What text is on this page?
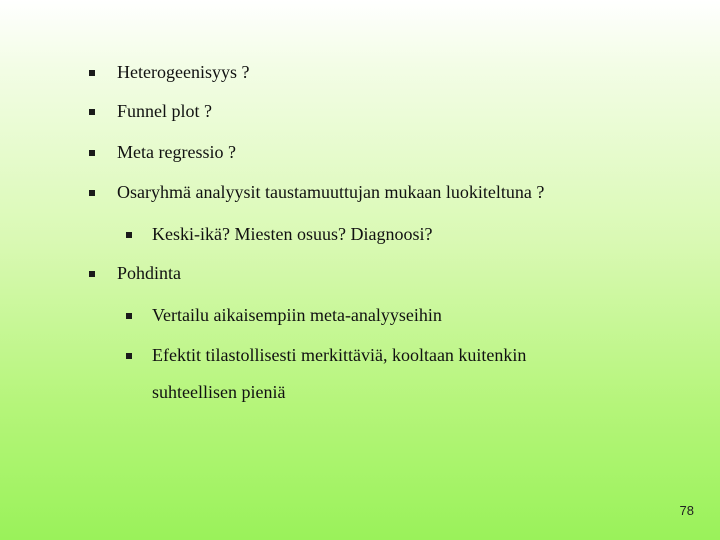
Heterogeenisyys ?
Funnel plot ?
Meta regressio ?
Osaryhmä analyysit taustamuuttujan mukaan luokiteltuna ?
Keski-ikä? Miesten osuus? Diagnoosi?
Pohdinta
Vertailu aikaisempiin meta-analyyseihin
Efektit tilastollisesti merkittäviä, kooltaan kuitenkin
suhteellisen pieniä
78
